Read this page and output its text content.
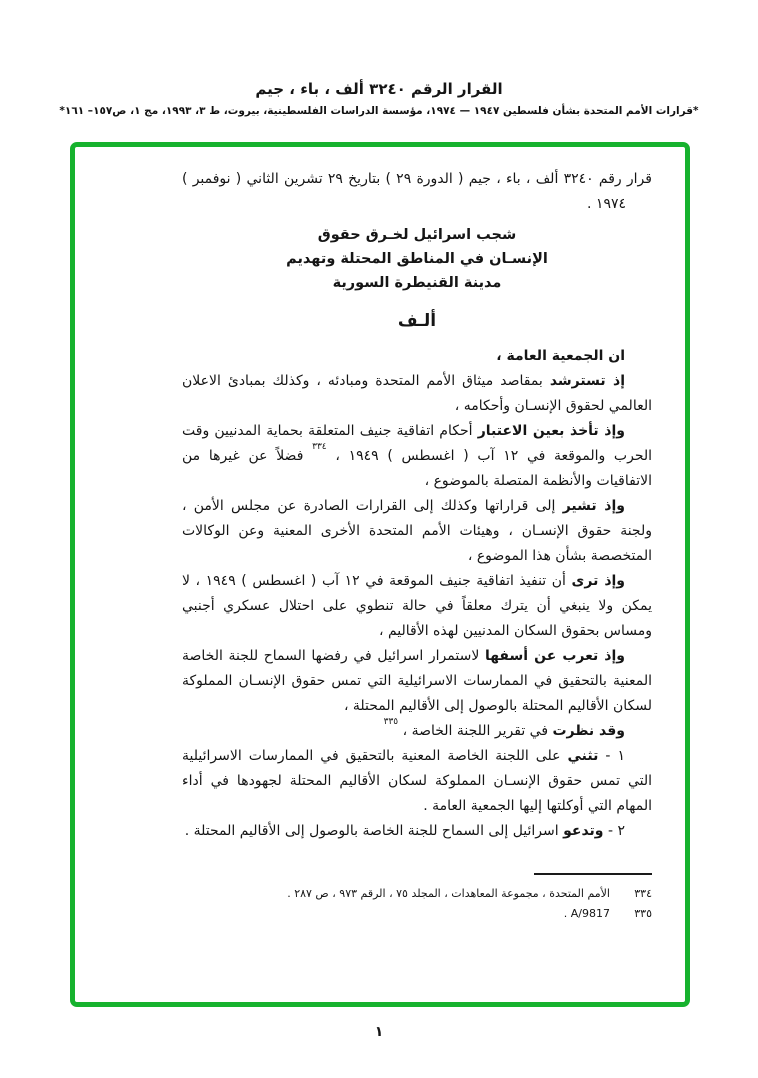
القرار الرقم ٣٢٤٠ ألف ، باء ، جيم
*قرارات الأمم المتحدة بشأن فلسطين ١٩٤٧ — ١٩٧٤، مؤسسة الدراسات الفلسطينية، بيروت، ط ٣، ١٩٩٣، مج ١، ص١٥٧– ١٦١*

قرار رقم ٣٢٤٠ ألف ، باء ، جيم ( الدورة ٢٩ ) بتاريخ ٢٩ تشرين الثاني ( نوفمبر ) ١٩٧٤ .

شجب اسرائيل لخـرق حقوق
الإنسـان في المناطق المحتلة وتهديم
مدينة القنيطرة السورية
ألـف

ان الجمعية العامة ،

إذ تسترشد بمقاصد ميثاق الأمم المتحدة ومبادئه ، وكذلك بمبادئ الاعلان العالمي لحقوق الإنسـان وأحكامه ،

وإذ تأخذ بعين الاعتبار أحكام اتفاقية جنيف المتعلقة بحماية المدنيين وقت الحرب والموقعة في ١٢ آب ( اغسطس ) ١٩٤٩ ، $^{٣٣٤}$ فضلاً عن غيرها من الاتفاقيات والأنظمة المتصلة بالموضوع ،

وإذ تشير إلى قراراتها وكذلك إلى القرارات الصادرة عن مجلس الأمن ، ولجنة حقوق الإنسـان ، وهيئات الأمم المتحدة الأخرى المعنية وعن الوكالات المتخصصة بشأن هذا الموضوع ،

وإذ ترى أن تنفيذ اتفاقية جنيف الموقعة في ١٢ آب ( اغسطس ) ١٩٤٩ ، لا يمكن ولا ينبغي أن يترك معلقاً في حالة تنطوي على احتلال عسكري أجنبي ومساس بحقوق السكان المدنيين لهذه الأقاليم ،

وإذ تعرب عن أسفها لاستمرار اسرائيل في رفضها السماح للجنة الخاصة المعنية بالتحقيق في الممارسات الاسرائيلية التي تمس حقوق الإنسـان المملوكة لسكان الأقاليم المحتلة بالوصول إلى الأقاليم المحتلة ،

وقد نظرت في تقرير اللجنة الخاصة ، $^{٣٣٥}$

١ - تثني على اللجنة الخاصة المعنية بالتحقيق في الممارسات الاسرائيلية التي تمس حقوق الإنسـان المملوكة لسكان الأقاليم المحتلة لجهودها في أداء المهام التي أوكلتها إليها الجمعية العامة .

٢ - وتدعو اسرائيل إلى السماح للجنة الخاصة بالوصول إلى الأقاليم المحتلة .

٣٣٤
الأمم المتحدة ، مجموعة المعاهدات ، المجلد ٧٥ ، الرقم ٩٧٣ ، ص ٢٨٧ .
٣٣٥
A/9817 .
١
